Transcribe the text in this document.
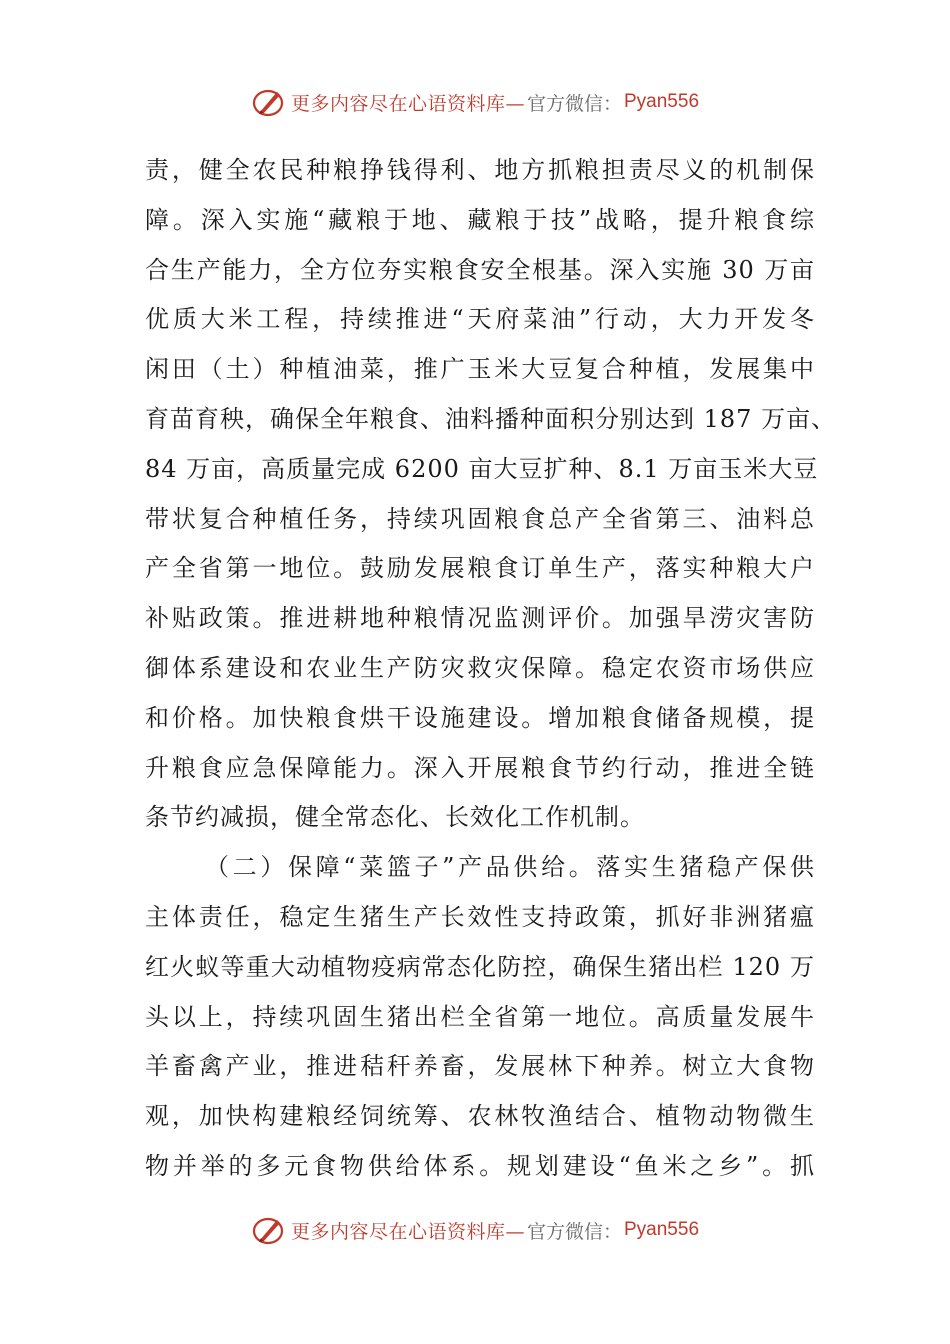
更多内容尽在心语资料库— 官方微信： Pyan556
责，健全农民种粮挣钱得利、地方抓粮担责尽义的机制保
障。深入实施“藏粮于地、藏粮于技”战略，提升粮食综
合生产能力，全方位夯实粮食安全根基。深入实施 30 万亩
优质大米工程，持续推进“天府菜油”行动，大力开发冬
闲田（土）种植油菜，推广玉米大豆复合种植，发展集中
育苗育秧，确保全年粮食、油料播种面积分别达到 187 万亩、
84 万亩，高质量完成 6200 亩大豆扩种、8.1 万亩玉米大豆
带状复合种植任务，持续巩固粮食总产全省第三、油料总
产全省第一地位。鼓励发展粮食订单生产，落实种粮大户
补贴政策。推进耕地种粮情况监测评价。加强旱涝灾害防
御体系建设和农业生产防灾救灾保障。稳定农资市场供应
和价格。加快粮食烘干设施建设。增加粮食储备规模，提
升粮食应急保障能力。深入开展粮食节约行动，推进全链
条节约减损，健全常态化、长效化工作机制。
（二）保障“菜篮子”产品供给。落实生猪稳产保供
主体责任，稳定生猪生产长效性支持政策，抓好非洲猪瘟
红火蚁等重大动植物疫病常态化防控，确保生猪出栏 120 万
头以上，持续巩固生猪出栏全省第一地位。高质量发展牛
羊畜禽产业，推进秸秆养畜，发展林下种养。树立大食物
观，加快构建粮经饲统筹、农林牧渔结合、植物动物微生
物并举的多元食物供给体系。规划建设“鱼米之乡”。抓
更多内容尽在心语资料库— 官方微信： Pyan556
